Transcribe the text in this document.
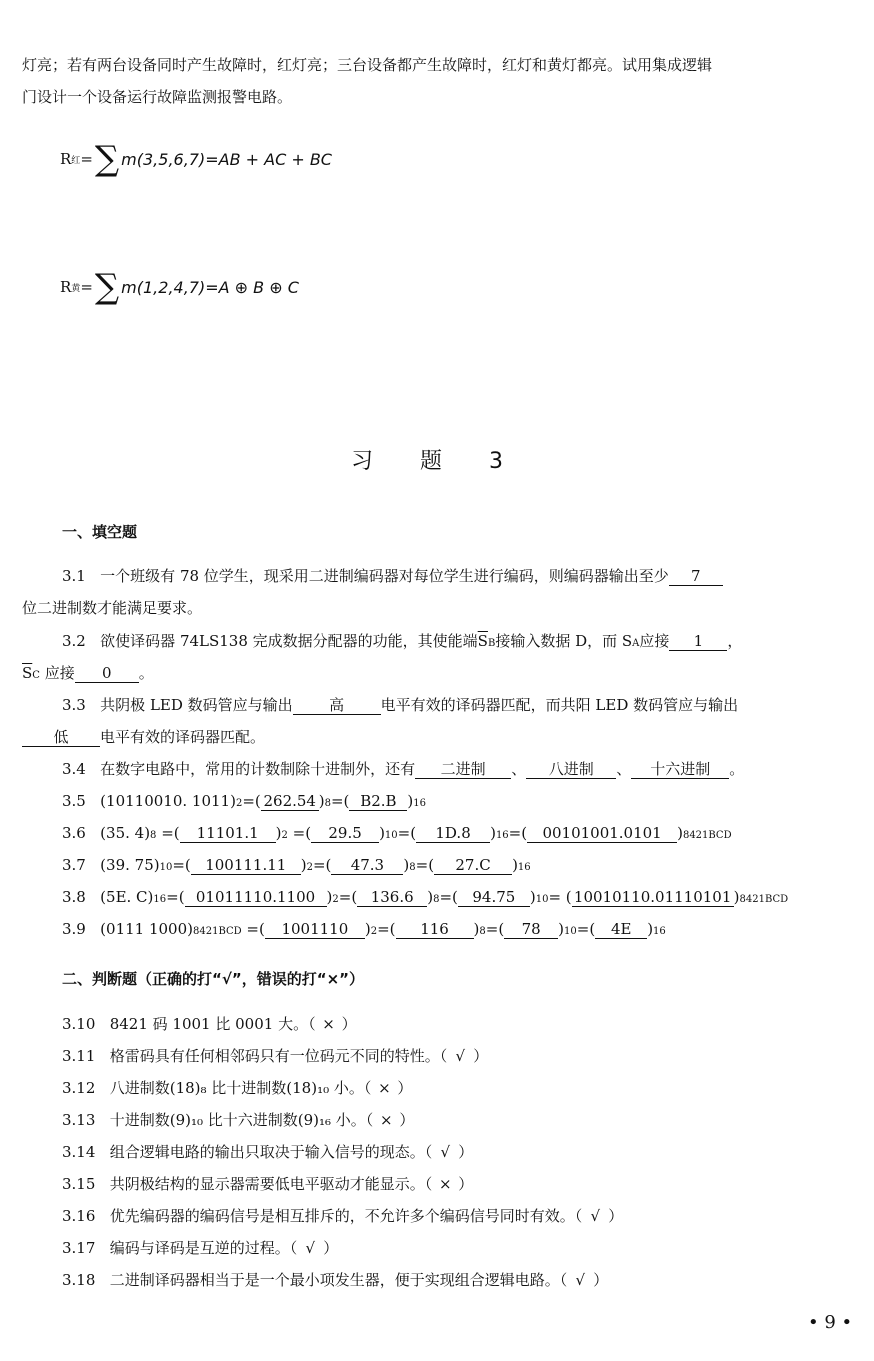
灯亮；若有两台设备同时产生故障时，红灯亮；三台设备都产生故障时，红灯和黄灯都亮。试用集成逻辑
门设计一个设备运行故障监测报警电路。
R 红 = ∑ m(3,5,6,7)=AB + AC + BC
R 黄 = ∑ m(1,2,4,7)=A ⊕ B ⊕ C
习 题 3
一、填空题
3.1 一个班级有 78 位学生，现采用二进制编码器对每位学生进行编码，则编码器输出至少 7
位二进制数才能满足要求。
3.2 欲使译码器 74LS138 完成数据分配器的功能，其使能端$\overline{S}B$接输入数据 D，而 SA应接 1 ，
$\overline{S}C$ 应接 0 。
3.3 共阴极 LED 数码管应与输出 高 电平有效的译码器匹配，而共阳 LED 数码管应与输出
低 电平有效的译码器匹配。
3.4 在数字电路中，常用的计数制除十进制外，还有 二进制 、 八进制 、 十六进制 。
3.5 (10110010. 1011)2=( 262.54 )8=( B2.B )16
3.6 (35. 4)8 =( 11101.1 )2 =( 29.5 )10=( 1D.8 )16=( 00101001.0101 )8421BCD
3.7 (39. 75)10=( 100111.11 )2=( 47.3 )8=( 27.C )16
3.8 (5E. C)16=( 01011110.1100 )2=( 136.6 )8=( 94.75 )10= ( 10010110.01110101 )8421BCD
3.9 (0111 1000)8421BCD =( 1001110 )2=( 116 )8=( 78 )10=( 4E )16
二、判断题（正确的打“√”，错误的打“×”）
3.10 8421 码 1001 比 0001 大。（ × ）
3.11 格雷码具有任何相邻码只有一位码元不同的特性。（ √ ）
3.12 八进制数(18)₈ 比十进制数(18)₁₀ 小。（ × ）
3.13 十进制数(9)₁₀ 比十六进制数(9)₁₆ 小。（ × ）
3.14 组合逻辑电路的输出只取决于输入信号的现态。（ √ ）
3.15 共阴极结构的显示器需要低电平驱动才能显示。（ × ）
3.16 优先编码器的编码信号是相互排斥的，不允许多个编码信号同时有效。（ √ ）
3.17 编码与译码是互逆的过程。（ √ ）
3.18 二进制译码器相当于是一个最小项发生器，便于实现组合逻辑电路。（ √ ）
• 9 •
